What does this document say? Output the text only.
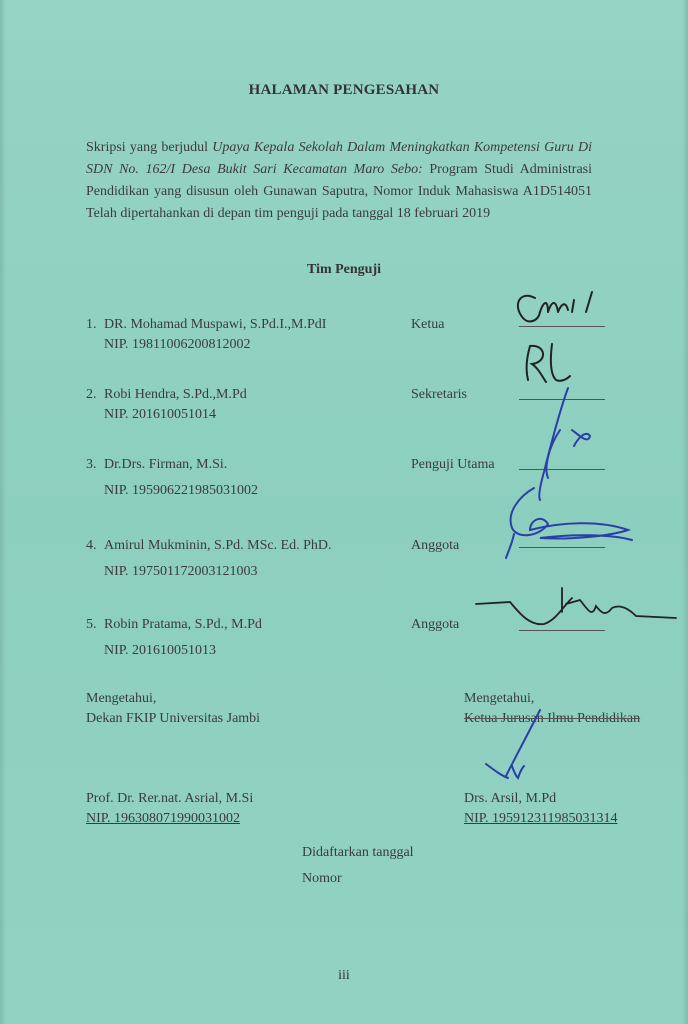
HALAMAN PENGESAHAN
Skripsi yang berjudul Upaya Kepala Sekolah Dalam Meningkatkan Kompetensi Guru Di SDN No. 162/I Desa Bukit Sari Kecamatan Maro Sebo: Program Studi Administrasi Pendidikan yang disusun oleh Gunawan Saputra, Nomor Induk Mahasiswa A1D514051 Telah dipertahankan di depan tim penguji pada tanggal 18 februari 2019
Tim Penguji
1. DR. Mohamad Muspawi, S.Pd.I.,M.PdI
NIP. 19811006200812002
Ketua
2. Robi Hendra, S.Pd.,M.Pd
NIP. 201610051014
Sekretaris
3. Dr.Drs. Firman, M.Si.
NIP. 195906221985031002
Penguji Utama
4. Amirul Mukminin, S.Pd. MSc. Ed. PhD.
NIP. 197501172003121003
Anggota
5. Robin Pratama, S.Pd., M.Pd
NIP. 201610051013
Anggota
Mengetahui,
Dekan FKIP Universitas Jambi
Prof. Dr. Rer.nat. Asrial, M.Si
NIP. 196308071990031002
Mengetahui,
Ketua Jurusan Ilmu Pendidikan
Drs. Arsil, M.Pd
NIP. 195912311985031314
Didaftarkan tanggal
Nomor
iii
